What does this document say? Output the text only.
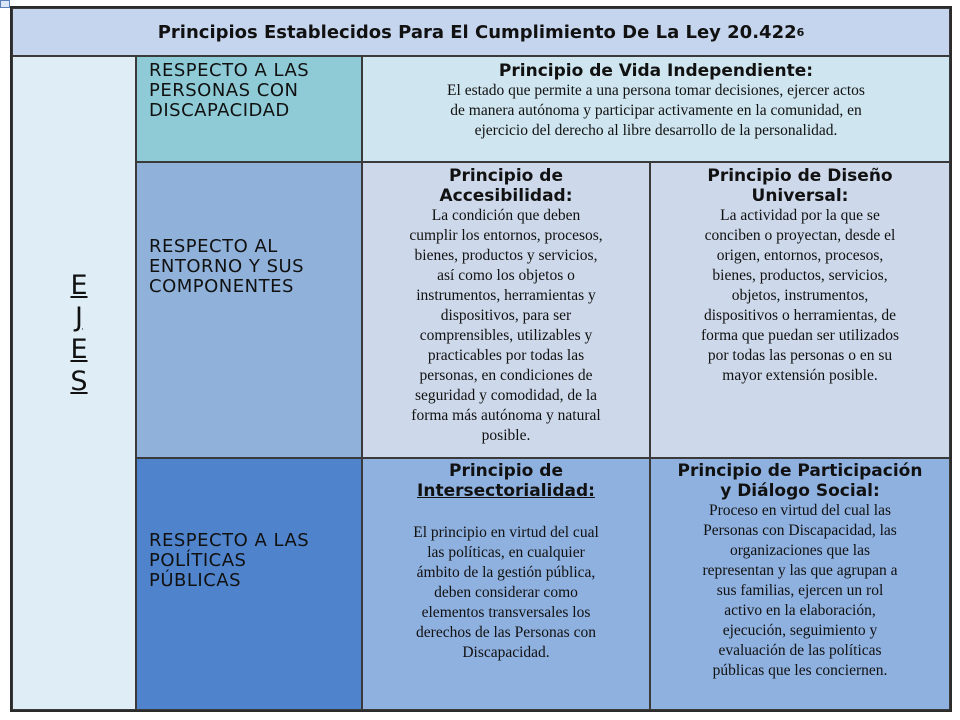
Principios Establecidos Para El Cumplimiento De La Ley 20.422 6
E
J
E
S
RESPECTO A LAS
PERSONAS CON
DISCAPACIDAD
Principio de Vida Independiente:
El estado que permite a una persona tomar decisiones, ejercer actos
de manera autónoma y participar activamente en la comunidad, en
ejercicio del derecho al libre desarrollo de la personalidad.
RESPECTO AL
ENTORNO Y SUS
COMPONENTES
Principio de
Accesibilidad:
La condición que deben
cumplir los entornos, procesos,
bienes, productos y servicios,
así como los objetos o
instrumentos, herramientas y
dispositivos, para ser
comprensibles, utilizables y
practicables por todas las
personas, en condiciones de
seguridad y comodidad, de la
forma más autónoma y natural
posible.
Principio de Diseño
Universal:
La actividad por la que se
conciben o proyectan, desde el
origen, entornos, procesos,
bienes, productos, servicios,
objetos, instrumentos,
dispositivos o herramientas, de
forma que puedan ser utilizados
por todas las personas o en su
mayor extensión posible.
RESPECTO A LAS
POLÍTICAS
PÚBLICAS
Principio de
Intersectorialidad:
El principio en virtud del cual
las políticas, en cualquier
ámbito de la gestión pública,
deben considerar como
elementos transversales los
derechos de las Personas con
Discapacidad.
Principio de Participación
y Diálogo Social:
Proceso en virtud del cual las
Personas con Discapacidad, las
organizaciones que las
representan y las que agrupan a
sus familias, ejercen un rol
activo en la elaboración,
ejecución, seguimiento y
evaluación de las políticas
públicas que les conciernen.
